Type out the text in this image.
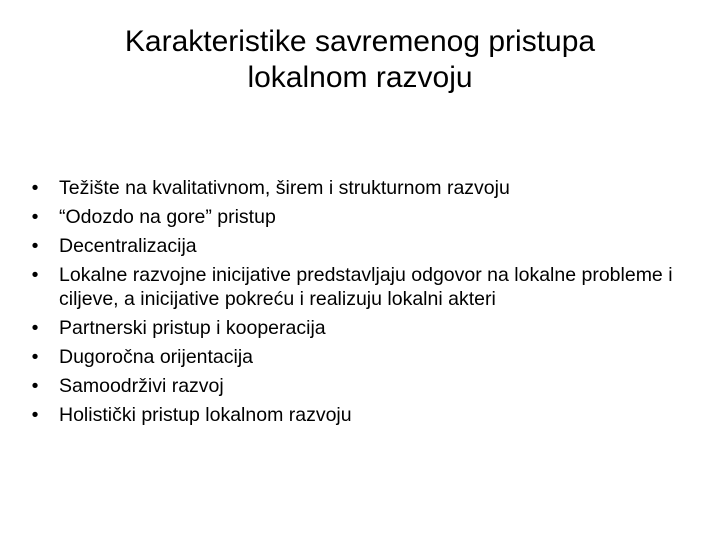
Karakteristike savremenog pristupa
lokalnom razvoju
• Težište na kvalitativnom, širem i strukturnom razvoju
• “Odozdo na gore” pristup
• Decentralizacija
• Lokalne razvojne inicijative predstavljaju odgovor na lokalne probleme i ciljeve, a inicijative pokreću i realizuju lokalni akteri
• Partnerski pristup i kooperacija
• Dugoročna orijentacija
• Samoodrživi razvoj
• Holistički pristup lokalnom razvoju
